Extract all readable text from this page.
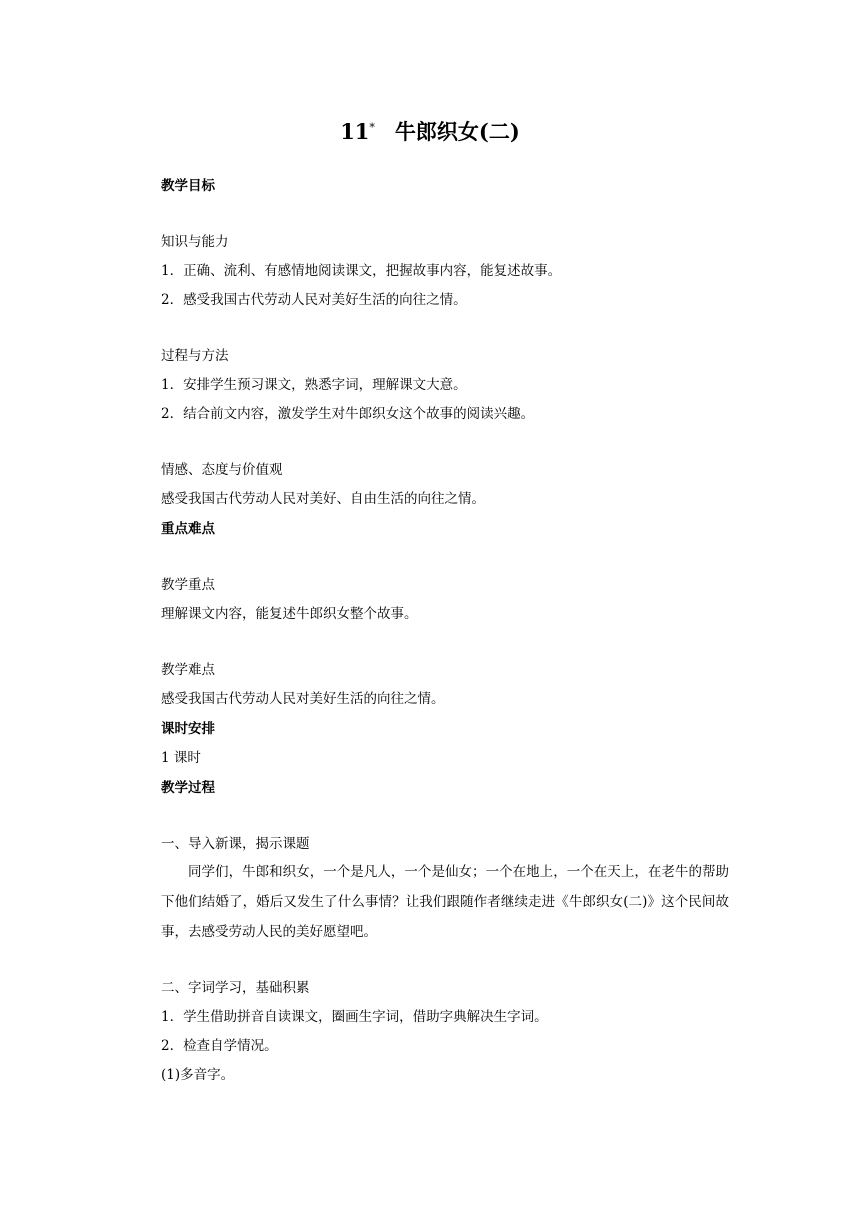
11* 牛郎织女(二)
教学目标
知识与能力
1．正确、流利、有感情地阅读课文，把握故事内容，能复述故事。
2．感受我国古代劳动人民对美好生活的向往之情。
过程与方法
1．安排学生预习课文，熟悉字词，理解课文大意。
2．结合前文内容，激发学生对牛郎织女这个故事的阅读兴趣。
情感、态度与价值观
感受我国古代劳动人民对美好、自由生活的向往之情。
重点难点
教学重点
理解课文内容，能复述牛郎织女整个故事。
教学难点
感受我国古代劳动人民对美好生活的向往之情。
课时安排
1 课时
教学过程
一、导入新课，揭示课题
同学们，牛郎和织女，一个是凡人，一个是仙女；一个在地上，一个在天上，在老牛的帮助下他们结婚了，婚后又发生了什么事情？让我们跟随作者继续走进《牛郎织女(二)》这个民间故事，去感受劳动人民的美好愿望吧。
二、字词学习，基础积累
1．学生借助拼音自读课文，圈画生字词，借助字典解决生字词。
2．检查自学情况。
(1)多音字。
